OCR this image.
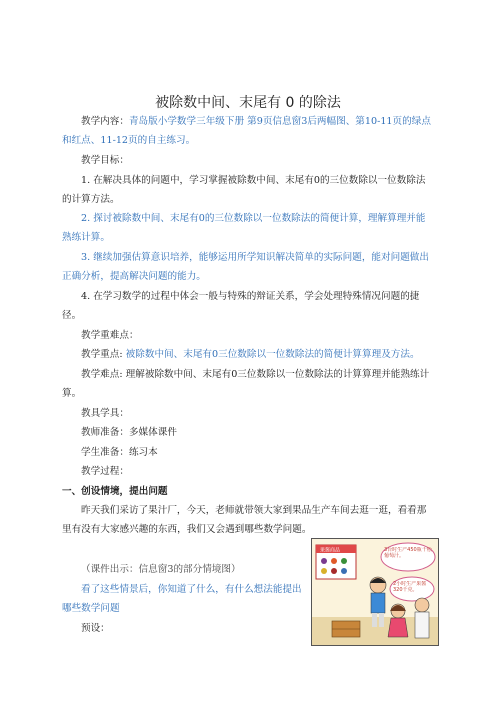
被除数中间、末尾有 0 的除法

教学内容：青岛版小学数学三年级下册 第9页信息窗3后两幅图、第10-11页的绿点和红点、11-12页的自主练习。

教学目标：

1. 在解决具体的问题中，学习掌握被除数中间、末尾有0的三位数除以一位数除法的计算方法。

2. 探讨被除数中间、末尾有0的三位数除以一位数除法的简便计算，理解算理并能熟练计算。

3. 继续加强估算意识培养，能够运用所学知识解决简单的实际问题，能对问题做出正确分析，提高解决问题的能力。

4. 在学习数学的过程中体会一般与特殊的辩证关系，学会处理特殊情况问题的捷径。

教学重难点：

教学重点: 被除数中间、末尾有0三位数除以一位数除法的简便计算算理及方法。

教学难点: 理解被除数中间、末尾有0三位数除以一位数除法的计算算理并能熟练计算。

教具学具：

教师准备：多媒体课件

学生准备：练习本

教学过程：

一、创设情境，提出问题

昨天我们采访了果汁厂，今天，老师就带领大家到果品生产车间去逛一逛，看看那里有没有大家感兴趣的东西，我们又会遇到哪些数学问题。

（课件出示：信息窗3的部分情境图）

看了这些情景后，你知道了什么，有什么想法能提出哪些数学问题

预设：

果酱商品	3台时生产450瓶千松葡萄汁。
2小时生产果酱320千克。
